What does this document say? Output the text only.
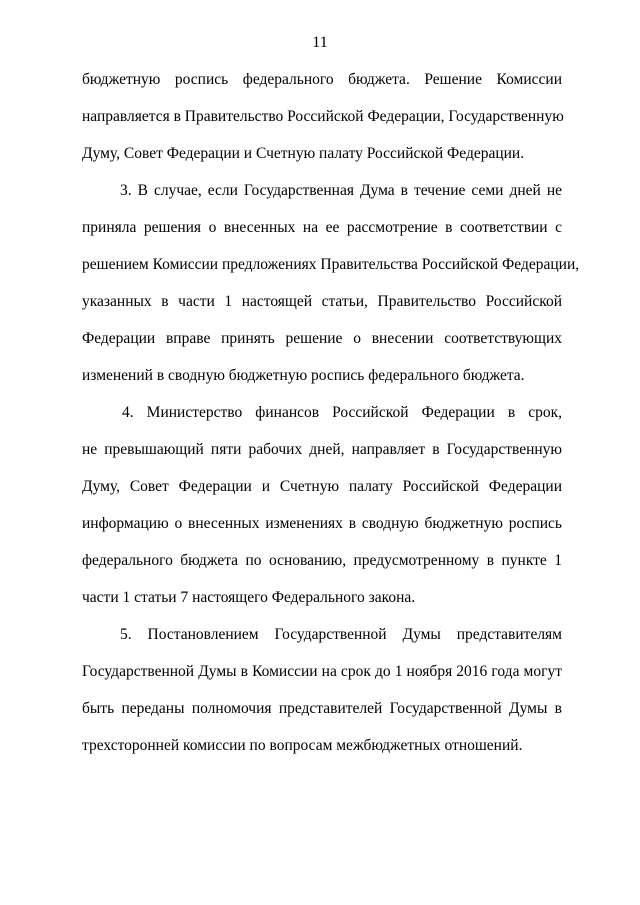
11
бюджетную роспись федерального бюджета. Решение Комиссии
направляется в Правительство Российской Федерации, Государственную
Думу, Совет Федерации и Счетную палату Российской Федерации.
3. В случае, если Государственная Дума в течение семи дней не
приняла решения о внесенных на ее рассмотрение в соответствии с
решением Комиссии предложениях Правительства Российской Федерации,
указанных в части 1 настоящей статьи, Правительство Российской
Федерации вправе принять решение о внесении соответствующих
изменений в сводную бюджетную роспись федерального бюджета.
4. Министерство финансов Российской Федерации в срок,
не превышающий пяти рабочих дней, направляет в Государственную
Думу, Совет Федерации и Счетную палату Российской Федерации
информацию о внесенных изменениях в сводную бюджетную роспись
федерального бюджета по основанию, предусмотренному в пункте 1
части 1 статьи 7 настоящего Федерального закона.
5. Постановлением Государственной Думы представителям
Государственной Думы в Комиссии на срок до 1 ноября 2016 года могут
быть переданы полномочия представителей Государственной Думы в
трехсторонней комиссии по вопросам межбюджетных отношений.
